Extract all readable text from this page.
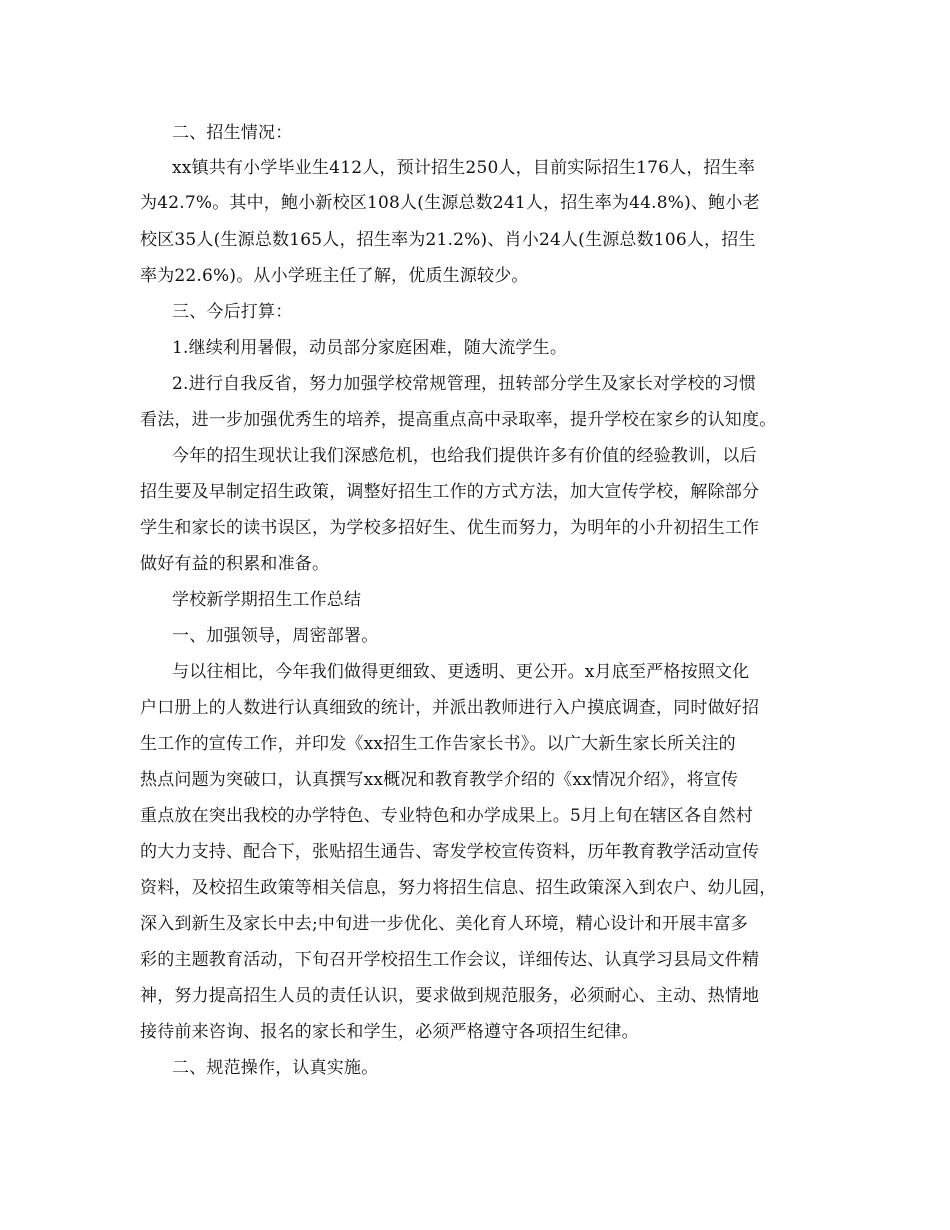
二、招生情况：
xx镇共有小学毕业生412人，预计招生250人，目前实际招生176人，招生率
为42.7%。其中，鲍小新校区108人(生源总数241人，招生率为44.8%)、鲍小老
校区35人(生源总数165人，招生率为21.2%)、肖小24人(生源总数106人，招生
率为22.6%)。从小学班主任了解，优质生源较少。
三、今后打算：
1.继续利用暑假，动员部分家庭困难，随大流学生。
2.进行自我反省，努力加强学校常规管理，扭转部分学生及家长对学校的习惯
看法，进一步加强优秀生的培养，提高重点高中录取率，提升学校在家乡的认知度。
今年的招生现状让我们深感危机，也给我们提供许多有价值的经验教训，以后
招生要及早制定招生政策，调整好招生工作的方式方法，加大宣传学校，解除部分
学生和家长的读书误区，为学校多招好生、优生而努力，为明年的小升初招生工作
做好有益的积累和准备。
学校新学期招生工作总结
一、加强领导，周密部署。
与以往相比，今年我们做得更细致、更透明、更公开。x月底至严格按照文化
户口册上的人数进行认真细致的统计，并派出教师进行入户摸底调查，同时做好招
生工作的宣传工作，并印发《xx招生工作告家长书》。以广大新生家长所关注的
热点问题为突破口，认真撰写xx概况和教育教学介绍的《xx情况介绍》，将宣传
重点放在突出我校的办学特色、专业特色和办学成果上。5月上旬在辖区各自然村
的大力支持、配合下，张贴招生通告、寄发学校宣传资料，历年教育教学活动宣传
资料，及校招生政策等相关信息，努力将招生信息、招生政策深入到农户、幼儿园，
深入到新生及家长中去;中旬进一步优化、美化育人环境，精心设计和开展丰富多
彩的主题教育活动，下旬召开学校招生工作会议，详细传达、认真学习县局文件精
神，努力提高招生人员的责任认识，要求做到规范服务，必须耐心、主动、热情地
接待前来咨询、报名的家长和学生，必须严格遵守各项招生纪律。
二、规范操作，认真实施。
